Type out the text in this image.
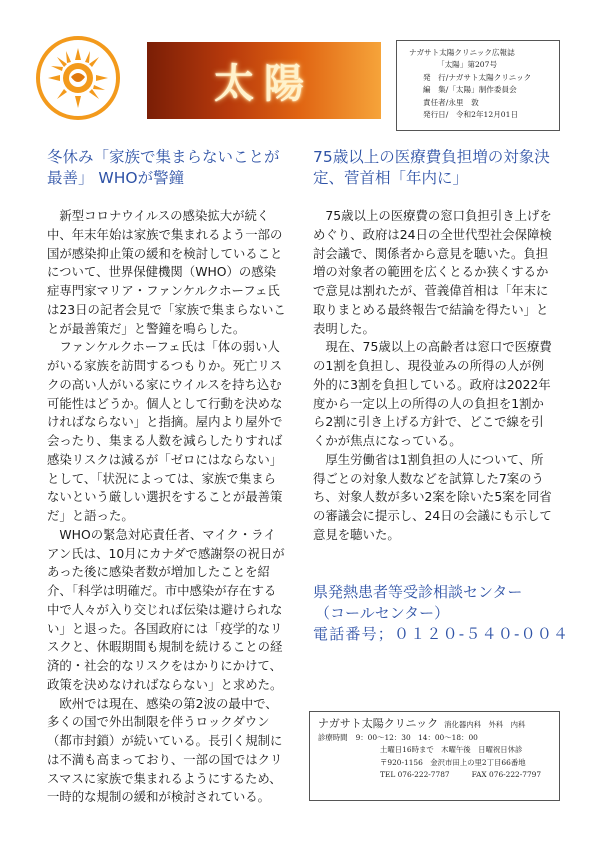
太陽
ナガサト太陽クリニック広報誌
「太陽」第207号
発　行/ナガサト太陽クリニック
編　集/「太陽」制作委員会
責任者/永里　敦
発行日/　令和2年12月01日
冬休み「家族で集まらないことが最善」 WHOが警鐘

新型コロナウイルスの感染拡大が続く中、年末年始は家族で集まれるよう一部の国が感染抑止策の緩和を検討していることについて、世界保健機関（WHO）の感染症専門家マリア・ファンケルクホーフェ氏は23日の記者会見で「家族で集まらないことが最善策だ」と警鐘を鳴らした。

ファンケルクホーフェ氏は「体の弱い人がいる家族を訪問するつもりか。死亡リスクの高い人がいる家にウイルスを持ち込む可能性はどうか。個人として行動を決めなければならない」と指摘。屋内より屋外で会ったり、集まる人数を減らしたりすれば感染リスクは減るが「ゼロにはならない」として、「状況によっては、家族で集まらないという厳しい選択をすることが最善策だ」と語った。

WHOの緊急対応責任者、マイク・ライアン氏は、10月にカナダで感謝祭の祝日があった後に感染者数が増加したことを紹介、「科学は明確だ。市中感染が存在する中で人々が入り交じれば伝染は避けられない」と退った。各国政府には「疫学的なリスクと、休暇期間も規制を続けることの経済的・社会的なリスクをはかりにかけて、政策を決めなければならない」と求めた。

欧州では現在、感染の第2波の最中で、多くの国で外出制限を伴うロックダウン（都市封鎖）が続いている。長引く規制には不満も高まっており、一部の国ではクリスマスに家族で集まれるようにするため、一時的な規制の緩和が検討されている。

75歳以上の医療費負担増の対象決定、菅首相「年内に」

75歳以上の医療費の窓口負担引き上げをめぐり、政府は24日の全世代型社会保障検討会議で、関係者から意見を聴いた。負担増の対象者の範囲を広くとるか狭くするかで意見は割れたが、菅義偉首相は「年末に取りまとめる最終報告で結論を得たい」と表明した。

現在、75歳以上の高齢者は窓口で医療費の1割を負担し、現役並みの所得の人が例外的に3割を負担している。政府は2022年度から一定以上の所得の人の負担を1割から2割に引き上げる方針で、どこで線を引くかが焦点になっている。

厚生労働省は1割負担の人について、所得ごとの対象人数などを試算した7案のうち、対象人数が多い2案を除いた5案を同省の審議会に提示し、24日の会議にも示して意見を聴いた。

県発熱患者等受診相談センター
（コールセンター）
電話番号；０１２０-５４０-００４
ナガサト太陽クリニック 消化器内科　外科　内科
診療時間 9：00～12：30　14：00～18：00
土曜日16時まで　木曜午後　日曜祝日休診
〒920-1156　金沢市田上の里2丁目66番地
TEL 076-222-7787	FAX 076-222-7797
